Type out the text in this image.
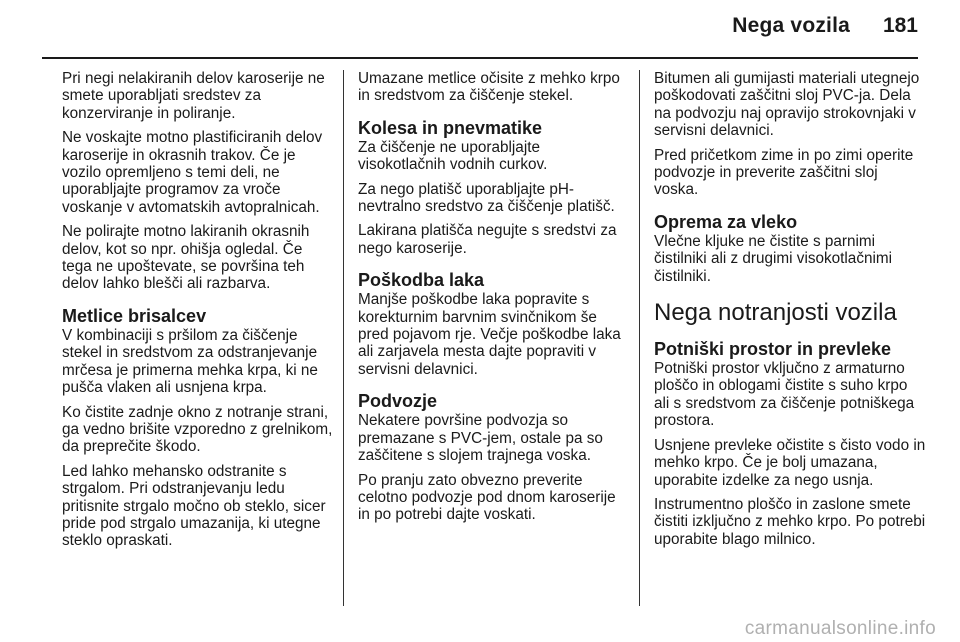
Nega vozila 181

Pri negi nelakiranih delov karoserije ne smete uporabljati sredstev za konzerviranje in poliranje.

Ne voskajte motno plastificiranih delov karoserije in okrasnih trakov. Če je vozilo opremljeno s temi deli, ne uporabljajte programov za vroče voskanje v avtomatskih avtopralnicah.

Ne polirajte motno lakiranih okrasnih delov, kot so npr. ohišja ogledal. Če tega ne upoštevate, se površina teh delov lahko blešči ali razbarva.

Metlice brisalcev

V kombinaciji s pršilom za čiščenje stekel in sredstvom za odstranjevanje mrčesa je primerna mehka krpa, ki ne pušča vlaken ali usnjena krpa.

Ko čistite zadnje okno z notranje strani, ga vedno brišite vzporedno z grelnikom, da preprečite škodo.

Led lahko mehansko odstranite s strgalom. Pri odstranjevanju ledu pritisnite strgalo močno ob steklo, sicer pride pod strgalo umazanija, ki utegne steklo opraskati.

Umazane metlice očisite z mehko krpo in sredstvom za čiščenje stekel.

Kolesa in pnevmatike

Za čiščenje ne uporabljajte visokotlačnih vodnih curkov.

Za nego platišč uporabljajte pH-nevtralno sredstvo za čiščenje platišč.

Lakirana platišča negujte s sredstvi za nego karoserije.

Poškodba laka

Manjše poškodbe laka popravite s korekturnim barvnim svinčnikom še pred pojavom rje. Večje poškodbe laka ali zarjavela mesta dajte popraviti v servisni delavnici.

Podvozje

Nekatere površine podvozja so premazane s PVC-jem, ostale pa so zaščitene s slojem trajnega voska.

Po pranju zato obvezno preverite celotno podvozje pod dnom karoserije in po potrebi dajte voskati.

Bitumen ali gumijasti materiali utegnejo poškodovati zaščitni sloj PVC-ja. Dela na podvozju naj opravijo strokovnjaki v servisni delavnici.

Pred pričetkom zime in po zimi operite podvozje in preverite zaščitni sloj voska.

Oprema za vleko

Vlečne kljuke ne čistite s parnimi čistilniki ali z drugimi visokotlačnimi čistilniki.

Nega notranjosti vozila
Potniški prostor in prevleke

Potniški prostor vključno z armaturno ploščo in oblogami čistite s suho krpo ali s sredstvom za čiščenje potniškega prostora.

Usnjene prevleke očistite s čisto vodo in mehko krpo. Če je bolj umazana, uporabite izdelke za nego usnja.

Instrumentno ploščo in zaslone smete čistiti izključno z mehko krpo. Po potrebi uporabite blago milnico.

carmanualsonline.info
